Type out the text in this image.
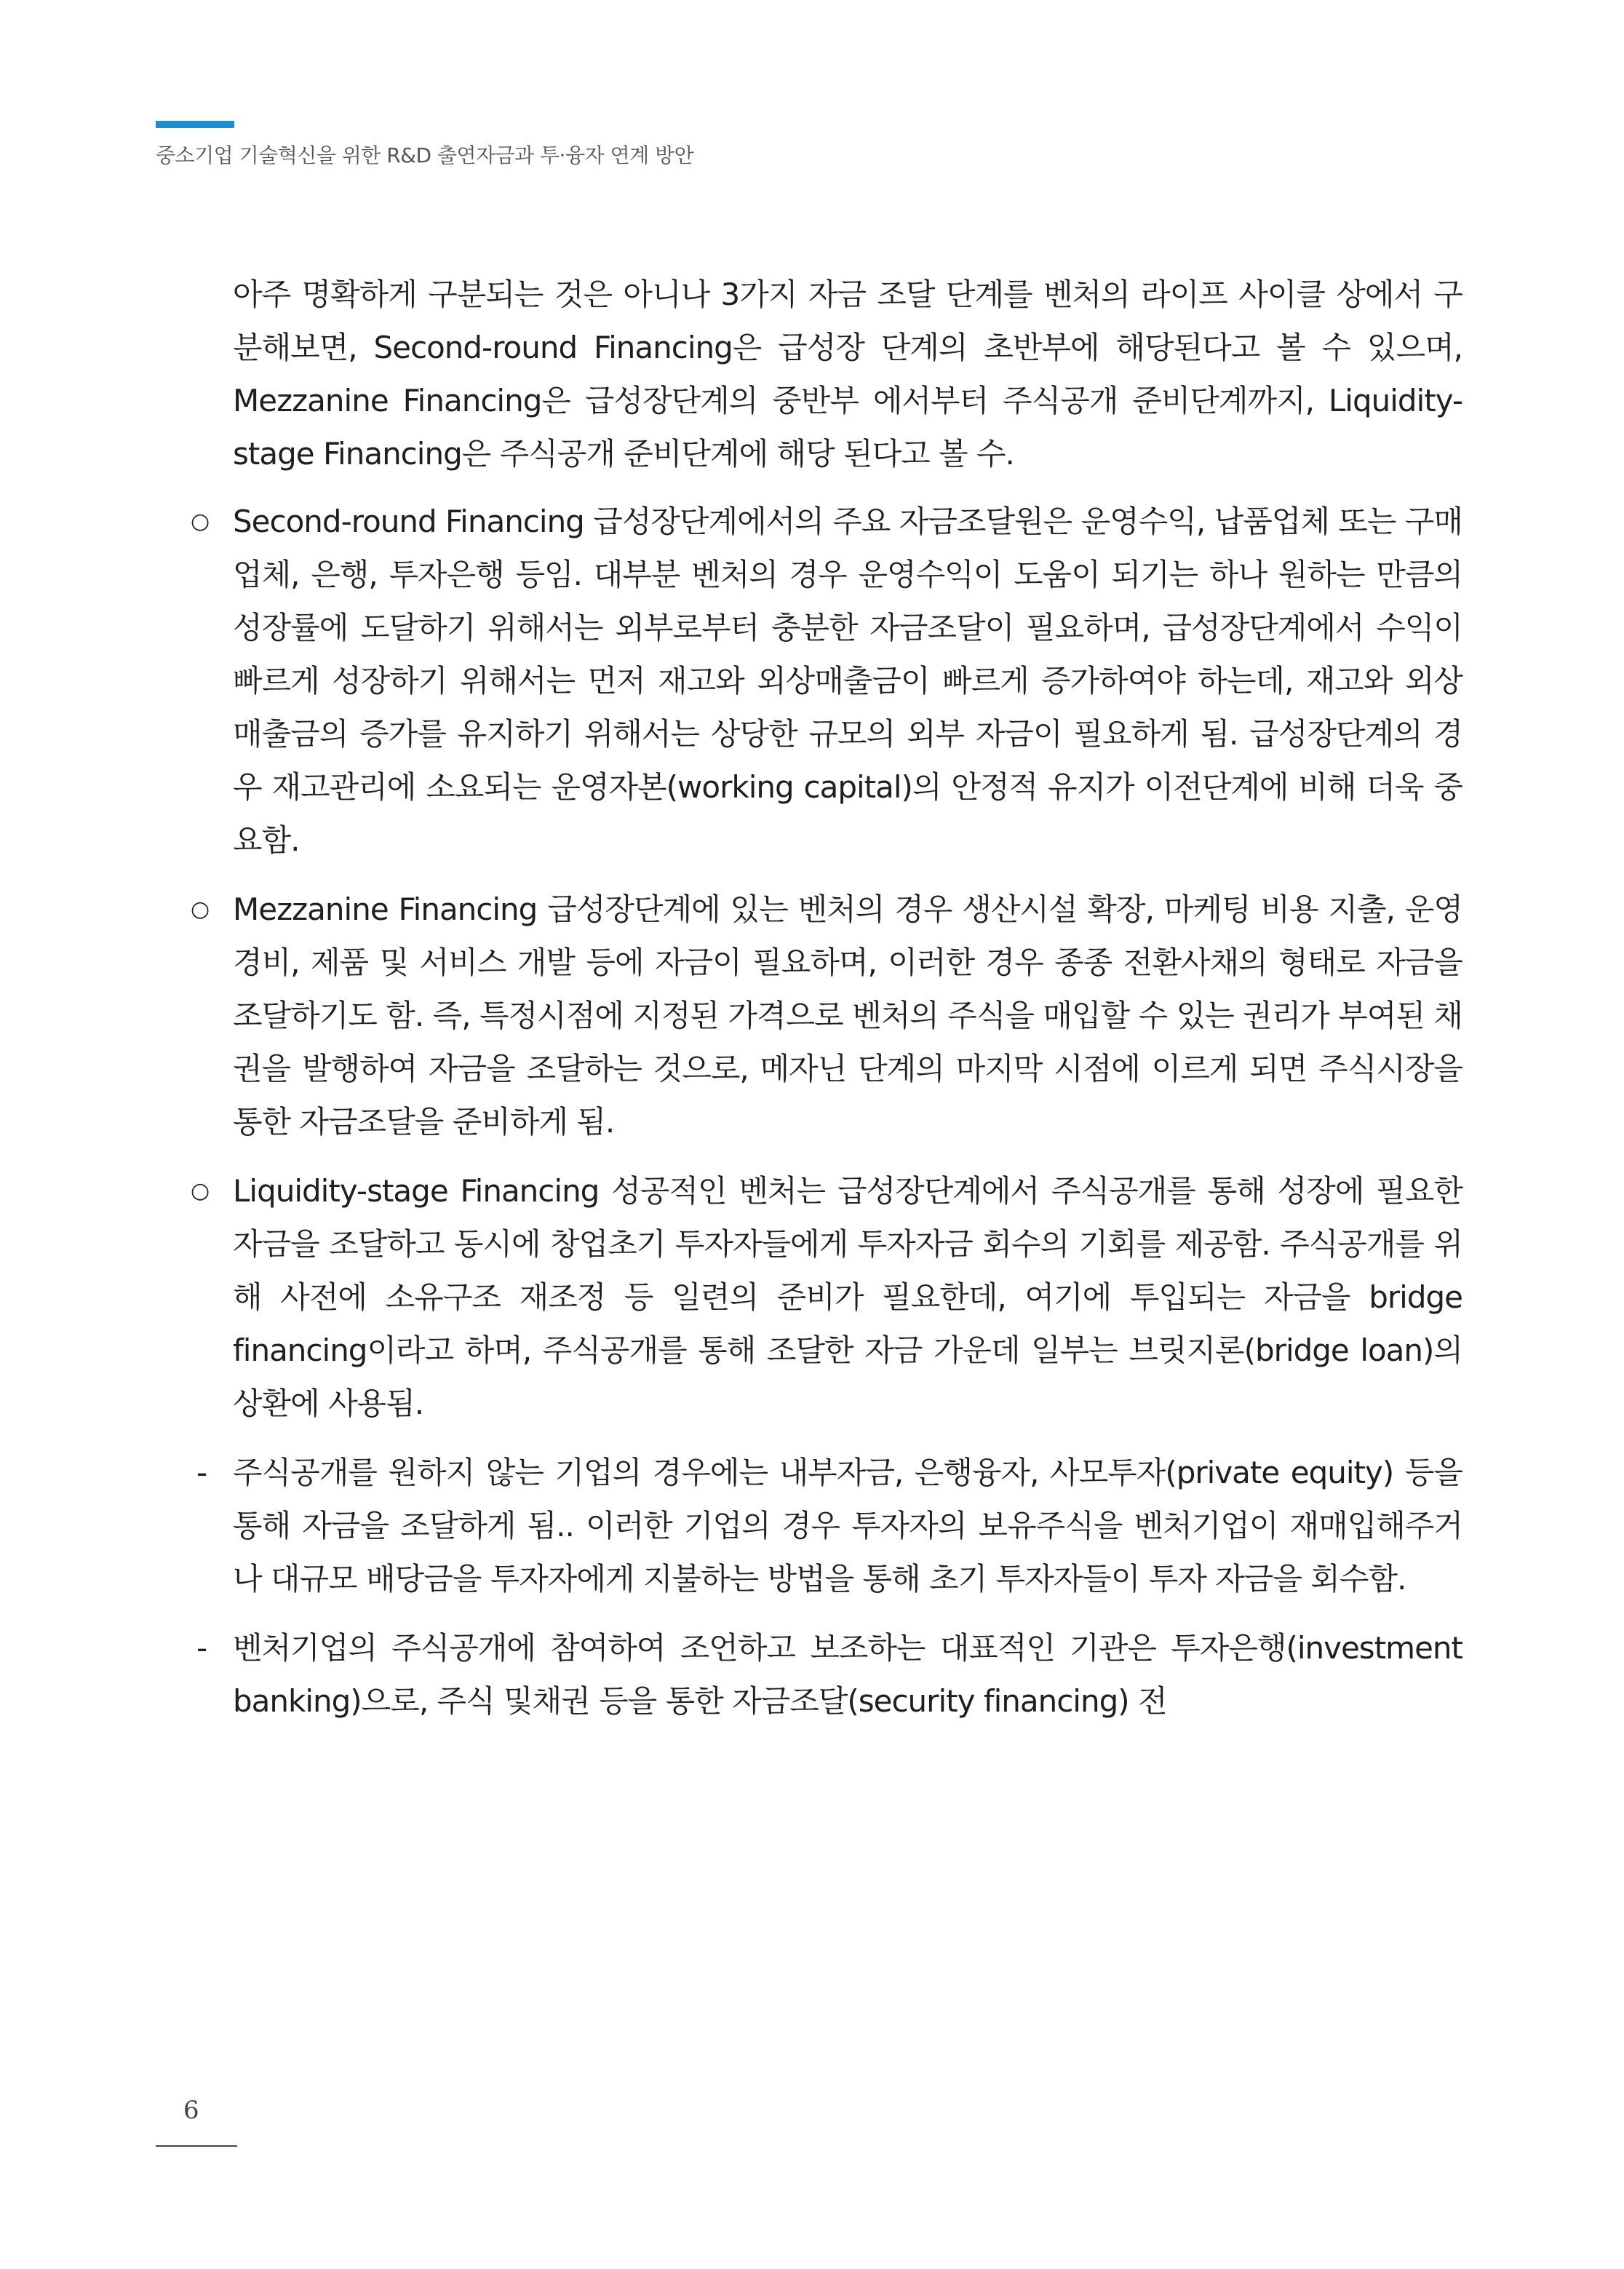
중소기업 기술혁신을 위한 R&D 출연자금과 투·융자 연계 방안

아주 명확하게 구분되는 것은 아니나 3가지 자금 조달 단계를 벤처의 라이프 사이클 상에서 구분해보면, Second-round Financing은 급성장 단계의 초반부에 해당된다고 볼 수 있으며, Mezzanine Financing은 급성장단계의 중반부 에서부터 주식공개 준비단계까지, Liquidity-stage Financing은 주식공개 준비단계에 해당 된다고 볼 수.

○ Second-round Financing 급성장단계에서의 주요 자금조달원은 운영수익, 납품업체 또는 구매업체, 은행, 투자은행 등임. 대부분 벤처의 경우 운영수익이 도움이 되기는 하나 원하는 만큼의 성장률에 도달하기 위해서는 외부로부터 충분한 자금조달이 필요하며, 급성장단계에서 수익이 빠르게 성장하기 위해서는 먼저 재고와 외상매출금이 빠르게 증가하여야 하는데, 재고와 외상 매출금의 증가를 유지하기 위해서는 상당한 규모의 외부 자금이 필요하게 됨. 급성장단계의 경우 재고관리에 소요되는 운영자본(working capital)의 안정적 유지가 이전단계에 비해 더욱 중요함.
○ Mezzanine Financing 급성장단계에 있는 벤처의 경우 생산시설 확장, 마케팅 비용 지출, 운영경비, 제품 및 서비스 개발 등에 자금이 필요하며, 이러한 경우 종종 전환사채의 형태로 자금을 조달하기도 함. 즉, 특정시점에 지정된 가격으로 벤처의 주식을 매입할 수 있는 권리가 부여된 채권을 발행하여 자금을 조달하는 것으로, 메자닌 단계의 마지막 시점에 이르게 되면 주식시장을 통한 자금조달을 준비하게 됨.
○ Liquidity-stage Financing 성공적인 벤처는 급성장단계에서 주식공개를 통해 성장에 필요한 자금을 조달하고 동시에 창업초기 투자자들에게 투자자금 회수의 기회를 제공함. 주식공개를 위해 사전에 소유구조 재조정 등 일련의 준비가 필요한데, 여기에 투입되는 자금을 bridge financing이라고 하며, 주식공개를 통해 조달한 자금 가운데 일부는 브릿지론(bridge loan)의 상환에 사용됨.
- 주식공개를 원하지 않는 기업의 경우에는 내부자금, 은행융자, 사모투자(private equity) 등을 통해 자금을 조달하게 됨.. 이러한 기업의 경우 투자자의 보유주식을 벤처기업이 재매입해주거나 대규모 배당금을 투자자에게 지불하는 방법을 통해 초기 투자자들이 투자 자금을 회수함.
- 벤처기업의 주식공개에 참여하여 조언하고 보조하는 대표적인 기관은 투자은행(investment banking)으로, 주식 및채권 등을 통한 자금조달(security financing) 전
6
